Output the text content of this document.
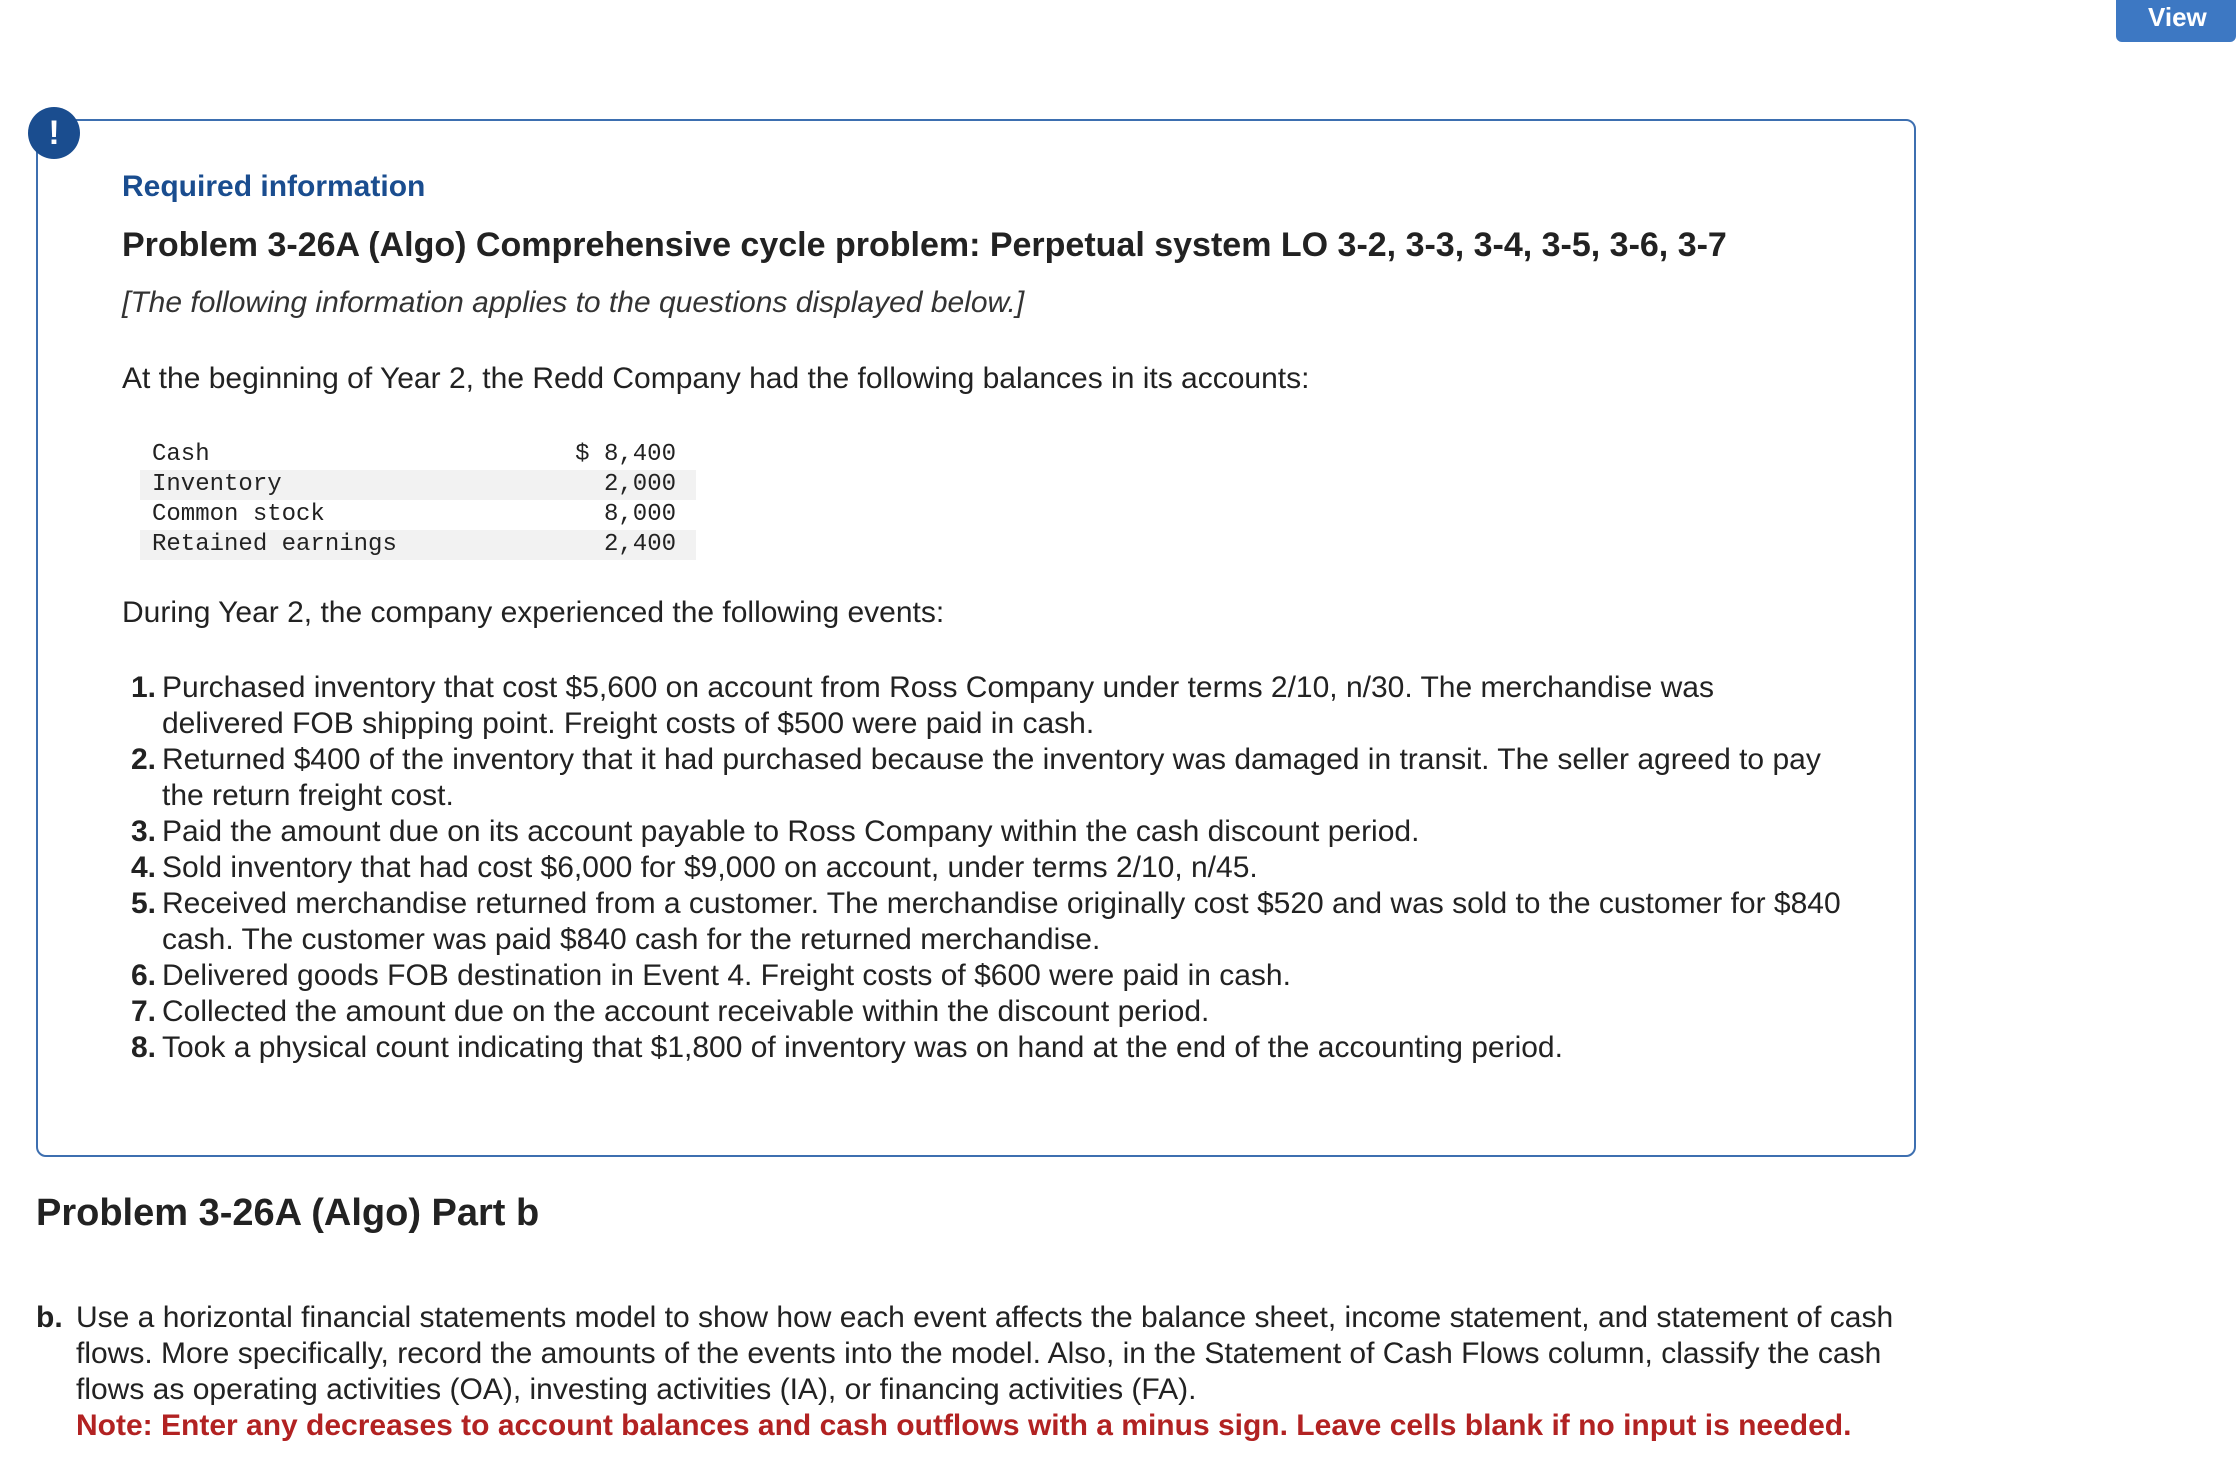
View
!
Required information
Problem 3-26A (Algo) Comprehensive cycle problem: Perpetual system LO 3-2, 3-3, 3-4, 3-5, 3-6, 3-7
[The following information applies to the questions displayed below.]
At the beginning of Year 2, the Redd Company had the following balances in its accounts:
Cash	$ 8,400
Inventory	2,000
Common stock	8,000
Retained earnings	2,400
During Year 2, the company experienced the following events:
1. Purchased inventory that cost $5,600 on account from Ross Company under terms 2/10, n/30. The merchandise was delivered FOB shipping point. Freight costs of $500 were paid in cash.
2. Returned $400 of the inventory that it had purchased because the inventory was damaged in transit. The seller agreed to pay the return freight cost.
3. Paid the amount due on its account payable to Ross Company within the cash discount period.
4. Sold inventory that had cost $6,000 for $9,000 on account, under terms 2/10, n/45.
5. Received merchandise returned from a customer. The merchandise originally cost $520 and was sold to the customer for $840 cash. The customer was paid $840 cash for the returned merchandise.
6. Delivered goods FOB destination in Event 4. Freight costs of $600 were paid in cash.
7. Collected the amount due on the account receivable within the discount period.
8. Took a physical count indicating that $1,800 of inventory was on hand at the end of the accounting period.
Problem 3-26A (Algo) Part b
b. Use a horizontal financial statements model to show how each event affects the balance sheet, income statement, and statement of cash flows. More specifically, record the amounts of the events into the model. Also, in the Statement of Cash Flows column, classify the cash flows as operating activities (OA), investing activities (IA), or financing activities (FA).
Note: Enter any decreases to account balances and cash outflows with a minus sign. Leave cells blank if no input is needed.
